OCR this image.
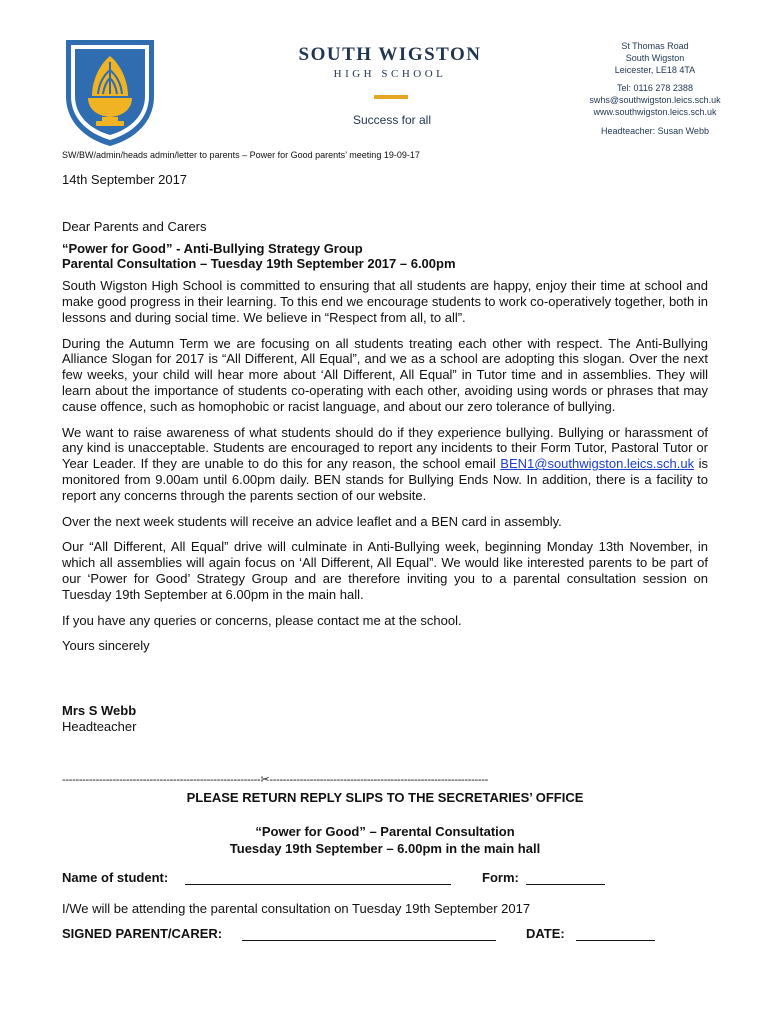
SOUTH WIGSTON
HIGH SCHOOL
Success for all
St Thomas Road
South Wigston
Leicester, LE18 4TA
Tel: 0116 278 2388
swhs@southwigston.leics.sch.uk
www.southwigston.leics.sch.uk
Headteacher: Susan Webb
SW/BW/admin/heads admin/letter to parents – Power for Good parents’ meeting 19-09-17

14th September 2017

Dear Parents and Carers

“Power for Good” - Anti-Bullying Strategy Group

Parental Consultation – Tuesday 19th September 2017 – 6.00pm

South Wigston High School is committed to ensuring that all students are happy, enjoy their time at school and make good progress in their learning. To this end we encourage students to work co-operatively together, both in lessons and during social time. We believe in “Respect from all, to all”.

During the Autumn Term we are focusing on all students treating each other with respect. The Anti-Bullying Alliance Slogan for 2017 is “All Different, All Equal”, and we as a school are adopting this slogan. Over the next few weeks, your child will hear more about ‘All Different, All Equal” in Tutor time and in assemblies. They will learn about the importance of students co-operating with each other, avoiding using words or phrases that may cause offence, such as homophobic or racist language, and about our zero tolerance of bullying.

We want to raise awareness of what students should do if they experience bullying. Bullying or harassment of any kind is unacceptable. Students are encouraged to report any incidents to their Form Tutor, Pastoral Tutor or Year Leader. If they are unable to do this for any reason, the school email BEN1@southwigston.leics.sch.uk is monitored from 9.00am until 6.00pm daily. BEN stands for Bullying Ends Now. In addition, there is a facility to report any concerns through the parents section of our website.

Over the next week students will receive an advice leaflet and a BEN card in assembly.

Our “All Different, All Equal” drive will culminate in Anti-Bullying week, beginning Monday 13th November, in which all assemblies will again focus on ‘All Different, All Equal”. We would like interested parents to be part of our ‘Power for Good’ Strategy Group and are therefore inviting you to a parental consultation session on Tuesday 19th September at 6.00pm in the main hall.

If you have any queries or concerns, please contact me at the school.

Yours sincerely

Mrs S Webb

Headteacher

-----------------------------------------------------------✂-----------------------------------------------------------------
PLEASE RETURN REPLY SLIPS TO THE SECRETARIES’ OFFICE
“Power for Good” – Parental Consultation
Tuesday 19th September – 6.00pm in the main hall
Name of student:	Form:
I/We will be attending the parental consultation on Tuesday 19th September 2017
SIGNED PARENT/CARER:	DATE:
